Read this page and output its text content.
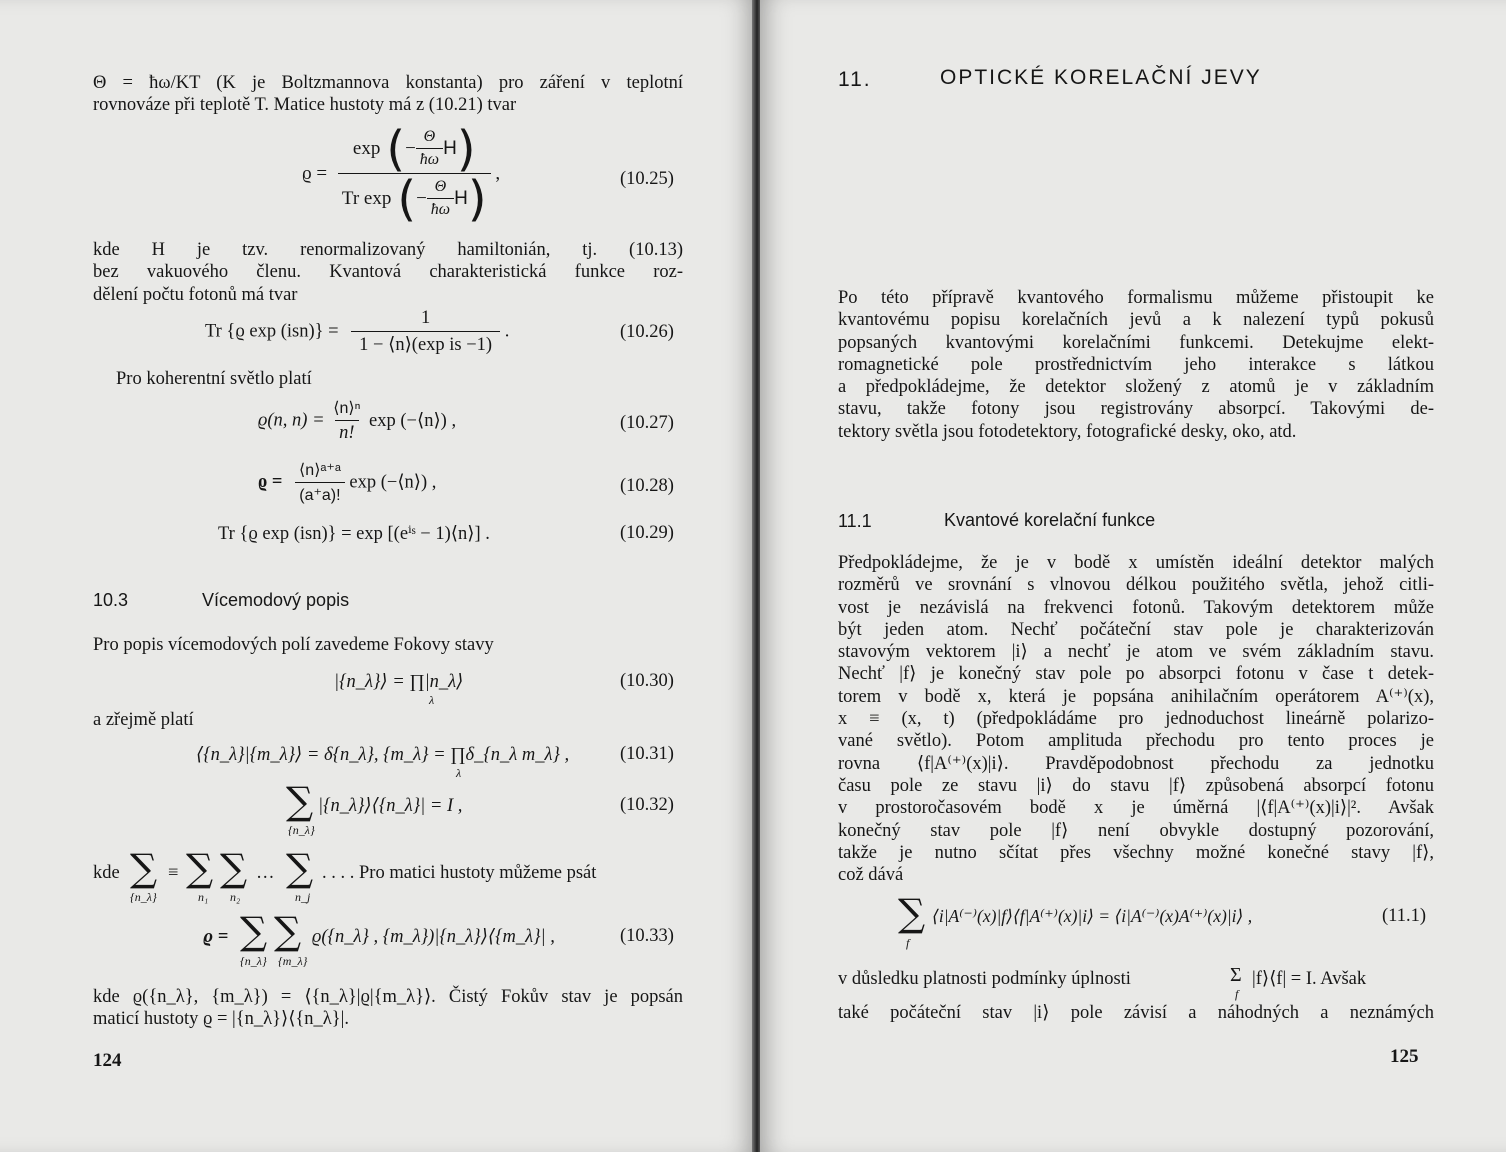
Θ = ħω/KT (K je Boltzmannova konstanta) pro záření v teplotní
rovnováze při teplotě T. Matice hustoty má z (10.21) tvar
ϱ =
exp ( − $\frac{\Theta}{ħ\omega}$ H )
Tr exp ( − $\frac{\Theta}{ħ\omega}$ H ) ,	(10.25)
kde H je tzv. renormalizovaný hamiltonián, tj. (10.13)
bez vakuového členu. Kvantová charakteristická funkce roz-
dělení počtu fotonů má tvar
Tr {ϱ $\exp (isn)\} = \frac{1}{\text{1 − ⟨n⟩(exp is −1)}}$ .	(10.26)
Pro koherentní světlo platí
ϱ(n, $n) = \frac{\text{⟨n⟩ⁿ}}{n!}$ exp (−⟨n⟩) ,	(10.27)
$ϱ = \frac{\text{⟨n⟩ᵃ⁺ᵃ}}{(a^+a)!}$ exp (−⟨n⟩) ,	(10.28)
Tr {ϱ exp (isn)} = exp [(eⁱˢ − 1)⟨n⟩] .	(10.29)
10.3	Vícemodový popis
Pro popis vícemodových polí zavedeme Fokovy stavy
|{n_λ}⟩ = ∏|n_λ⟩
λ
(10.30)
a zřejmě platí
⟨{n_λ}|{m_λ}⟩ = δ{n_λ}, {m_λ} = ∏δ_{n_λ m_λ} ,
λ
(10.31)
∑
{n_λ}
|{n_λ}⟩⟨{n_λ}| = I ,	(10.32)
kde ∑
{n_λ}
≡ ∑
n₁
∑
n₂
… ∑
n_j
. . . . Pro matici hustoty můžeme psát
ϱ = ∑
{n_λ}
∑
{m_λ}
ϱ({n_λ} , {m_λ})|{n_λ}⟩⟨{m_λ}| ,	(10.33)
kde ϱ({n_λ}, {m_λ}) = ⟨{n_λ}|ϱ|{m_λ}⟩. Čistý Fokův stav je popsán
maticí hustoty ϱ = |{n_λ}⟩⟨{n_λ}|.
124
11.	OPTICKÉ KORELAČNÍ JEVY
Po této přípravě kvantového formalismu můžeme přistoupit ke
kvantovému popisu korelačních jevů a k nalezení typů pokusů
popsaných kvantovými korelačními funkcemi. Detekujme elekt-
romagnetické pole prostřednictvím jeho interakce s látkou
a předpokládejme, že detektor složený z atomů je v základním
stavu, takže fotony jsou registrovány absorpcí. Takovými de-
tektory světla jsou fotodetektory, fotografické desky, oko, atd.
11.1	Kvantové korelační funkce
Předpokládejme, že je v bodě x umístěn ideální detektor malých
rozměrů ve srovnání s vlnovou délkou použitého světla, jehož citli-
vost je nezávislá na frekvenci fotonů. Takovým detektorem může
být jeden atom. Nechť počáteční stav pole je charakterizován
stavovým vektorem |i⟩ a nechť je atom ve svém základním stavu.
Nechť |f⟩ je konečný stav pole po absorpci fotonu v čase t detek-
torem v bodě x, která je popsána anihilačním operátorem A⁽⁺⁾(x),
x ≡ (x, t) (předpokládáme pro jednoduchost lineárně polarizo-
vané světlo). Potom amplituda přechodu pro tento proces je
rovna ⟨f|A⁽⁺⁾(x)|i⟩. Pravděpodobnost přechodu za jednotku
času pole ze stavu |i⟩ do stavu |f⟩ způsobená absorpcí fotonu
v prostoročasovém bodě x je úměrná |⟨f|A⁽⁺⁾(x)|i⟩|². Avšak
konečný stav pole |f⟩ není obvykle dostupný pozorování,
takže je nutno sčítat přes všechny možné konečné stavy |f⟩,
což dává
∑
f
⟨i|A⁽⁻⁾(x)|f⟩⟨f|A⁽⁺⁾(x)|i⟩ = ⟨i|A⁽⁻⁾(x)A⁽⁺⁾(x)|i⟩ ,	(11.1)
v důsledku platnosti podmínky úplnosti	Σ
f
|f⟩⟨f| = I. Avšak
také počáteční stav |i⟩ pole závisí a náhodných a neznámých
125
